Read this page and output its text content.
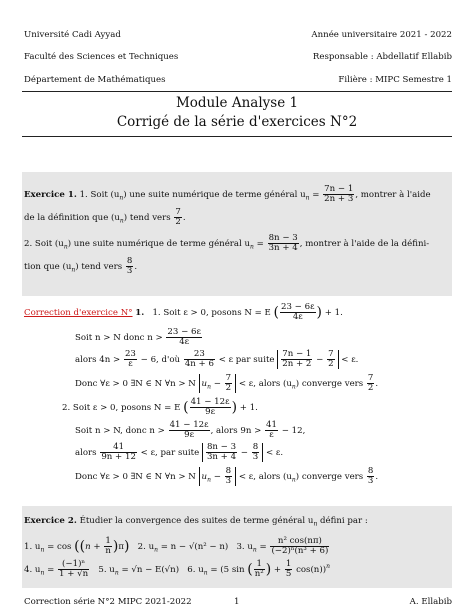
Université Cadi Ayyad	Année universitaire 2021 - 2022
Faculté des Sciences et Techniques	Responsable : Abdellatif Ellabib
Département de Mathématiques	Filière : MIPC Semestre 1
Module Analyse 1
Corrigé de la série d'exercices N°2
Exercice 1. 1. Soit $(u_n)$ une suite numérique de terme général $u_n = \frac{7n - 1}{2n + 3}$ , montrer à l'aide
de la définition que $(u_n)$ tend vers $\frac{7}{2}$ .
2. Soit $(u_n)$ une suite numérique de terme général $u_n = \frac{8n - 3}{3n + 4}$ , montrer à l'aide de la défini-
tion que $(u_n)$ tend vers $\frac{8}{3}$ .
Correction d'exercice N° 1. 1. Soit ε > 0, posons N = E ( $\frac{23 - 6\varepsilon}{4\varepsilon}$ ) + 1.
Soit n > N donc $n > \frac{23 - 6\varepsilon}{4\varepsilon}$
alors $4n > \frac{23}{\varepsilon} - 6$, d'où $\frac{23}{4n + 6} < \varepsilon$ par suite $\frac{7n - 1}{2n + 2} - \frac{7}{2} < \varepsilon$.
Donc ∀ε > 0 ∃N ∈ N ∀n > N $u_n - \frac{7}{2} < \varepsilon$, alors $(u_n)$ converge vers $\frac{7}{2}$ .
2. Soit ε > 0, posons N = E ( $\frac{41 - 12\varepsilon}{9\varepsilon}$ ) + 1.
Soit n > N, donc $n > \frac{41 - 12\varepsilon}{9\varepsilon}$ , alors $9n > \frac{41}{\varepsilon} - 12$,
alors $\frac{41}{9n + 12} < \varepsilon$, par suite $\frac{8n - 3}{3n + 4} - \frac{8}{3} < \varepsilon$.
Donc ∀ε > 0 ∃N ∈ N ∀n > N $u_n - \frac{8}{3} < \varepsilon$, alors $(u_n)$ converge vers $\frac{8}{3}$ .
Exercice 2. Étudier la convergence des suites de terme général $u_n$ défini par :
1. $u_n = \cos ((n + \frac{1}{n} )\pi)$ 2. $u_n = n - √(n^2 - n)$ 3. $u_n = \frac{\text{n² cos(nπ)}}{\text{(−2)ⁿ(n³ + 6)}}$
4. $u_n = \frac{\text{(−1)ⁿ}}{1 + √n} 5$. $u_n = √n - E(√n)$ 6. $u_n = (5$ sin ( $\frac{1}{\text{n²}}$ ) + $\frac{1}{5} \cos(n))^n$
Correction série N°2 MIPC 2021-2022	1	A. Ellabib
